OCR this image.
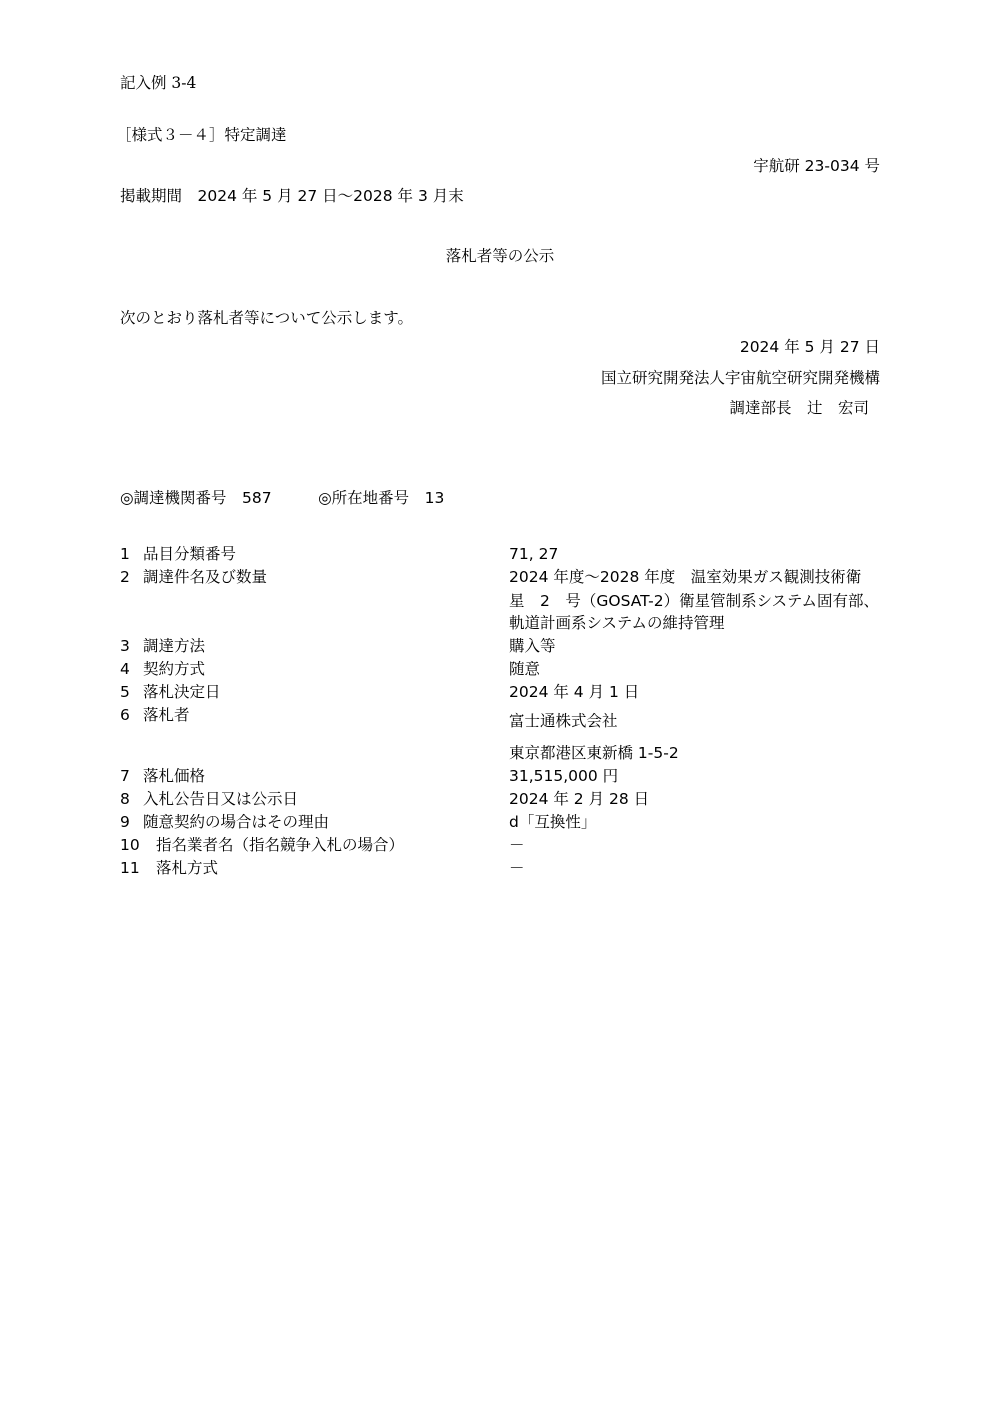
記入例 3-4
［様式３－４］特定調達
宇航研 23-034 号
掲載期間　2024 年 5 月 27 日～2028 年 3 月末
落札者等の公示
次のとおり落札者等について公示します。
2024 年 5 月 27 日
国立研究開発法人宇宙航空研究開発機構
調達部長　辻　宏司
◎調達機関番号　587　　　◎所在地番号　13
1 品目分類番号	71, 27
2 調達件名及び数量	2024 年度～2028 年度　温室効果ガス観測技術衛
星　2　号（GOSAT-2）衛星管制系システム固有部、
軌道計画系システムの維持管理
3 調達方法	購入等
4 契約方式	随意
5 落札決定日	2024 年 4 月 1 日
6 落札者	富士通株式会社
東京都港区東新橋 1-5-2
7 落札価格	31,515,000 円
8 入札公告日又は公示日	2024 年 2 月 28 日
9 随意契約の場合はその理由	d「互換性」
10 指名業者名（指名競争入札の場合）	－
11 落札方式	－
